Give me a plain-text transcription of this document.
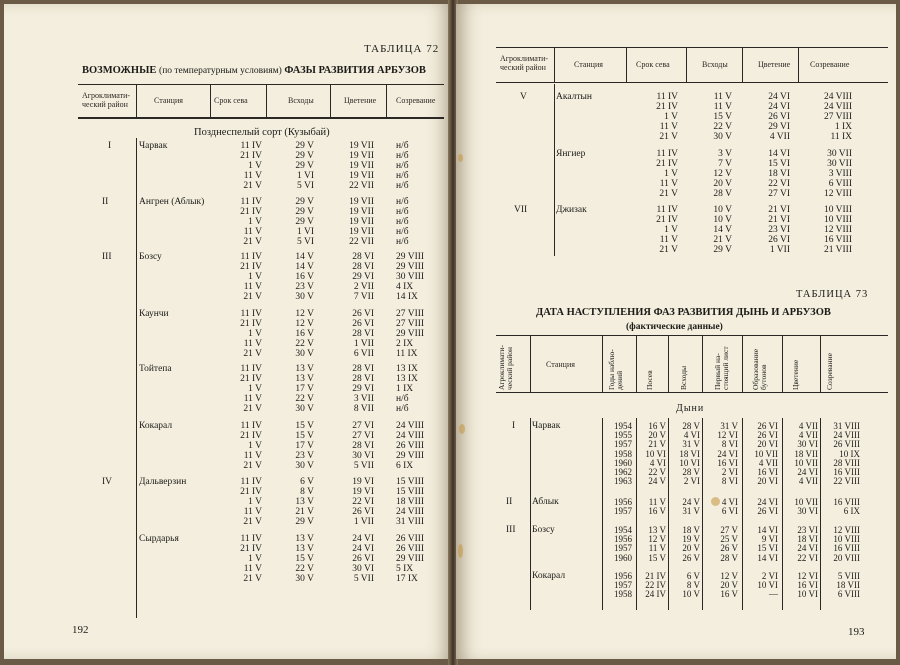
ТАБЛИЦА 72
ВОЗМОЖНЫЕ (по температурным условиям) ФАЗЫ РАЗВИТИЯ АРБУЗОВ
Агроклимати-
ческий район	Станция	Срок сева	Всходы	Цветение Созревание
Позднеспелый сорт (Кузыбай)
I	Чарвак	11 IV	29 V	19 VII н/б
21 IV	29 V	19 VII н/б
1 V	29 V	19 VII н/б
11 V	1 VI	19 VII н/б
21 V	5 VI	22 VII н/б
II	Ангрен (Аблык)	11 IV	29 V	19 VII н/б
21 IV	29 V	19 VII н/б
1 V	29 V	19 VII н/б
11 V	1 VI	19 VII н/б
21 V	5 VI	22 VII н/б
III	Бозсу	11 IV	14 V	28 VI 29 VIII
21 IV	14 V	28 VI 29 VIII
1 V	16 V	29 VI 30 VIII
11 V	23 V	2 VII 4 IX
21 V	30 V	7 VII 14 IX
Каунчи	11 IV	12 V	26 VI 27 VIII
21 IV	12 V	26 VI 27 VIII
1 V	16 V	28 VI 29 VIII
11 V	22 V	1 VII 2 IX
21 V	30 V	6 VII 11 IX
Тойтепа	11 IV	13 V	28 VI 13 IX
21 IV	13 V	28 VI 13 IX
1 V	17 V	29 VI 1 IX
11 V	22 V	3 VII н/б
21 V	30 V	8 VII н/б
Кокарал	11 IV	15 V	27 VI 24 VIII
21 IV	15 V	27 VI 24 VIII
1 V	17 V	28 VI 26 VIII
11 V	23 V	30 VI 29 VIII
21 V	30 V	5 VII 6 IX
IV	Дальверзин	11 IV	6 V	19 VI 15 VIII
21 IV	8 V	19 VI 15 VIII
1 V	13 V	22 VI 18 VIII
11 V	21 V	26 VI 24 VIII
21 V	29 V	1 VII 31 VIII
Сырдарья	11 IV	13 V	24 VI 26 VIII
21 IV	13 V	24 VI 26 VIII
1 V	15 V	26 VI 29 VIII
11 V	22 V	30 VI 5 IX
21 V	30 V	5 VII 17 IX
192
Агроклимати-
ческий район	Станция	Срок сева	Всходы	Цветение Созревание
V	Акалтын	11 IV	11 V	24 VI	24 VIII
21 IV	11 V	24 VI	24 VIII
1 V	15 V	26 VI	27 VIII
11 V	22 V	29 VI	1 IX
21 V	30 V	4 VII	11 IX
Янгиер	11 IV	3 V	14 VI	30 VII
21 IV	7 V	15 VI	30 VII
1 V	12 V	18 VI	3 VIII
11 V	20 V	22 VI	6 VIII
21 V	28 V	27 VI	12 VIII
VII	Джизак	11 IV	10 V	21 VI	10 VIII
21 IV	10 V	21 VI	10 VIII
1 V	14 V	23 VI	12 VIII
11 V	21 V	26 VI	16 VIII
21 V	29 V	1 VII	21 VIII
ТАБЛИЦА 73
ДАТА НАСТУПЛЕНИЯ ФАЗ РАЗВИТИЯ ДЫНЬ И АРБУЗОВ
(фактические данные)
Агроклимати-
ческий район	Станция
Годы наблю-
дений	Посев	Всходы	Первый на-
стоящий лист	Образование
бутонов	Цветение	Созревание
Дыни
I Чарвак	1954	16 V	28 V	31 V	26 VI	4 VII	31 VIII
1955	20 V	4 VI	12 VI	26 VI	4 VII	24 VIII
1957	21 V	31 V	8 VI	20 VI	30 VI	26 VIII
1958	10 VI	18 VI	24 VI	10 VII	18 VII	10 IX
1960	4 VI	10 VI	16 VI	4 VII	10 VII	28 VIII
1962	22 V	28 V	2 VI	16 VI	24 VI	16 VIII
1963	24 V	2 VI	8 VI	20 VI	4 VII	22 VIII
II Аблык	1956	11 V	24 V	4 VI	24 VI	10 VII	16 VIII
1957	16 V	31 V	6 VI	26 VI	30 VI	6 IX
III Бозсу	1954	13 V	18 V	27 V	14 VI	23 VI	12 VIII
1956	12 V	19 V	25 V	9 VI	18 VI	10 VIII
1957	11 V	20 V	26 V	15 VI	24 VI	16 VIII
1960	15 V	26 V	28 V	14 VI	22 VI	20 VIII
Кокарал	1956	21 IV	6 V	12 V	2 VI	12 VI	5 VIII
1957	22 IV	8 V	20 V	10 VI	16 VI	18 VII
1958	24 IV	10 V	16 V	—	10 VI	6 VIII
193
